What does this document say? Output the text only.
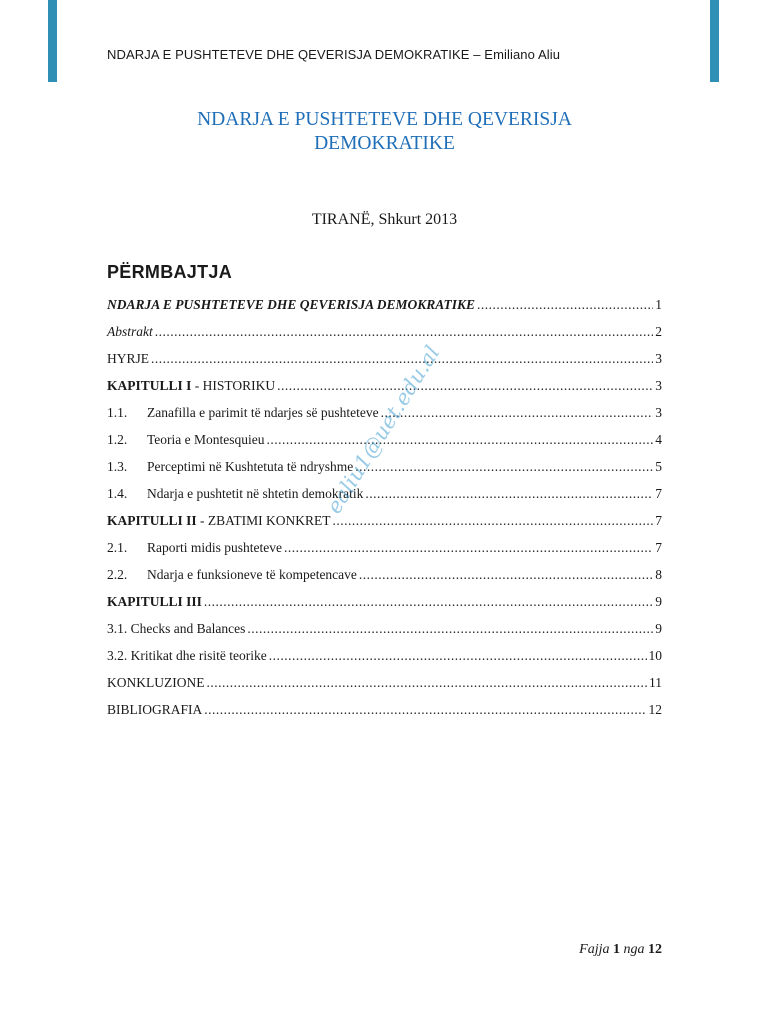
NDARJA E PUSHTETEVE DHE QEVERISJA DEMOKRATIKE – Emiliano Aliu
NDARJA E PUSHTETEVE DHE QEVERISJA
DEMOKRATIKE
TIRANË, Shkurt 2013
PËRMBAJTJA
NDARJA E PUSHTETEVE DHE QEVERISJA DEMOKRATIKE .....	1
Abstrakt .....	2
HYRJE .....	3
KAPITULLI I - HISTORIKU .....	3
1.1.	Zanafilla e parimit të ndarjes së pushteteve .....	3
1.2.	Teoria e Montesquieu .....	4
1.3.	Perceptimi në Kushtetuta të ndryshme .....	5
1.4.	Ndarja e pushtetit në shtetin demokratik .....	7
KAPITULLI II - ZBATIMI KONKRET .....	7
2.1.	Raporti midis pushteteve .....	7
2.2.	Ndarja e funksioneve të kompetencave .....	8
KAPITULLI III .....	9
3.1. Checks and Balances .....	9
3.2. Kritikat dhe risitë teorike .....	10
KONKLUZIONE .....	11
BIBLIOGRAFIA .....	12
ealiu1@uet.edu.al
Fajja 1 nga 12
